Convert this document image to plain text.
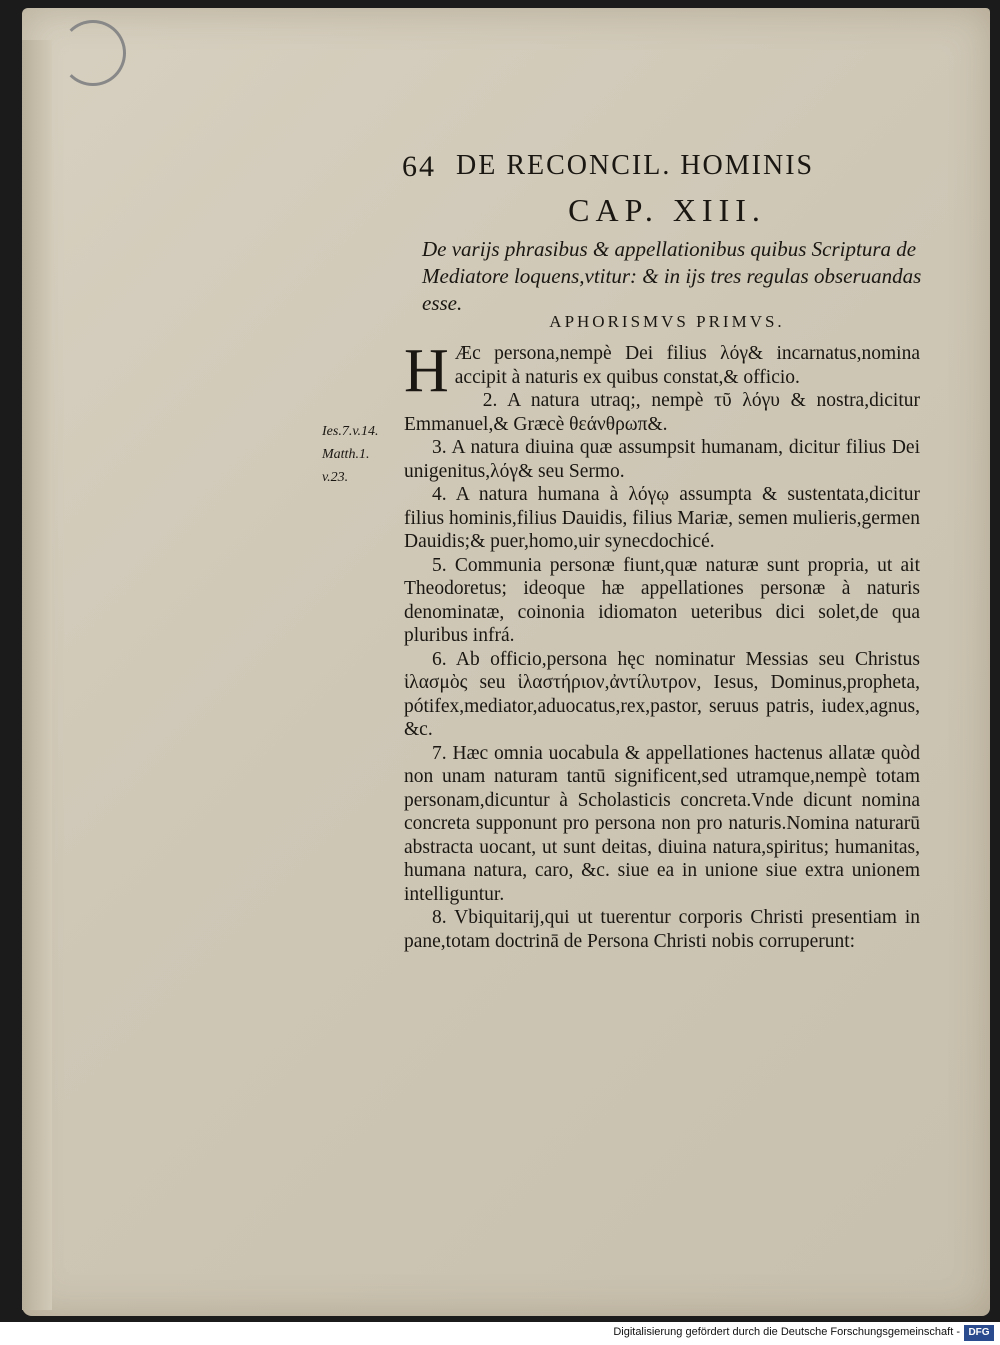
64 DE RECONCIL. HOMINIS
CAP. XIII.
De varijs phrasibus & appellationibus quibus Scriptura de Mediatore loquens,vtitur: & in ijs tres regulas obseruandas esse.
APHORISMVS PRIMVS.
Ies.7.v.14.
Matth.1.
v.23.

H Æc persona,nempè Dei filius λόγ& incarnatus,nomina accipit à naturis ex quibus constat,& officio.

2. A natura utraq;, nempè τῦ λόγυ & nostra,dicitur Emmanuel,& Græcè θεάνθρωπ&.

3. A natura diuina quæ assumpsit humanam, dicitur filius Dei unigenitus,λόγ& seu Sermo.

4. A natura humana à λόγῳ assumpta & sustentata,dicitur filius hominis,filius Dauidis, filius Mariæ, semen mulieris,germen Dauidis;& puer,homo,uir synecdochicé.

5. Communia personæ fiunt,quæ naturæ sunt propria, ut ait Theodoretus; ideoque hæ appellationes personæ à naturis denominatæ, coinonia idiomaton ueteribus dici solet,de qua pluribus infrá.

6. Ab officio,persona hęc nominatur Messias seu Christus ἱλασμὸς seu ἱλαστήριον,ἀντίλυτρον, Iesus, Dominus,propheta, pótifex,mediator,aduocatus,rex,pastor, seruus patris, iudex,agnus, &c.

7. Hæc omnia uocabula & appellationes hactenus allatæ quòd non unam naturam tantū significent,sed utramque,nempè totam personam,dicuntur à Scholasticis concreta.Vnde dicunt nomina concreta supponunt pro persona non pro naturis.Nomina naturarū abstracta uocant, ut sunt deitas, diuina natura,spiritus; humanitas, humana natura, caro, &c. siue ea in unione siue extra unionem intelliguntur.

8. Vbiquitarij,qui ut tuerentur corporis Christi presentiam in pane,totam doctrinā de Persona Christi nobis corruperunt:

Digitalisierung gefördert durch die Deutsche Forschungsgemeinschaft - DFG
